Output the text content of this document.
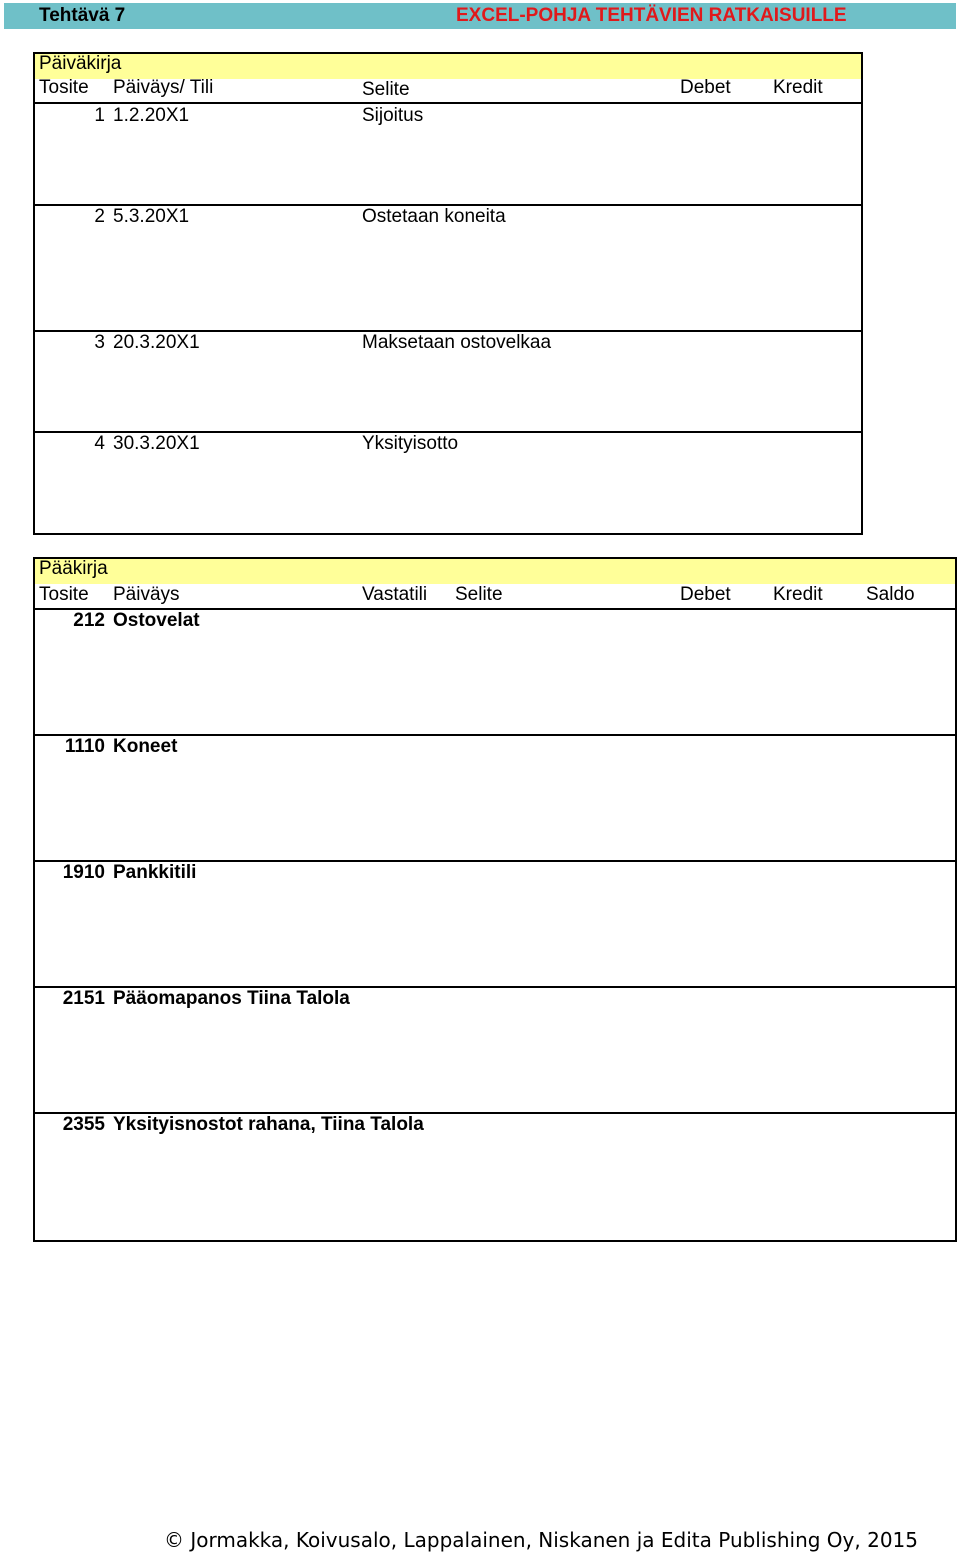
Tehtävä 7	EXCEL-POHJA TEHTÄVIEN RATKAISUILLE
Päiväkirja
Tosite Päiväys/ Tili	Selite	Debet Kredit
1 1.2.20X1	Sijoitus
2 5.3.20X1	Ostetaan koneita
3 20.3.20X1	Maksetaan ostovelkaa
4 30.3.20X1	Yksityisotto
Pääkirja
Tosite Päiväys	Vastatili Selite	Debet Kredit Saldo
212 Ostovelat
1110 Koneet
1910 Pankkitili
2151 Pääomapanos Tiina Talola
2355 Yksityisnostot rahana, Tiina Talola
© Jormakka, Koivusalo, Lappalainen, Niskanen ja Edita Publishing Oy, 2015
